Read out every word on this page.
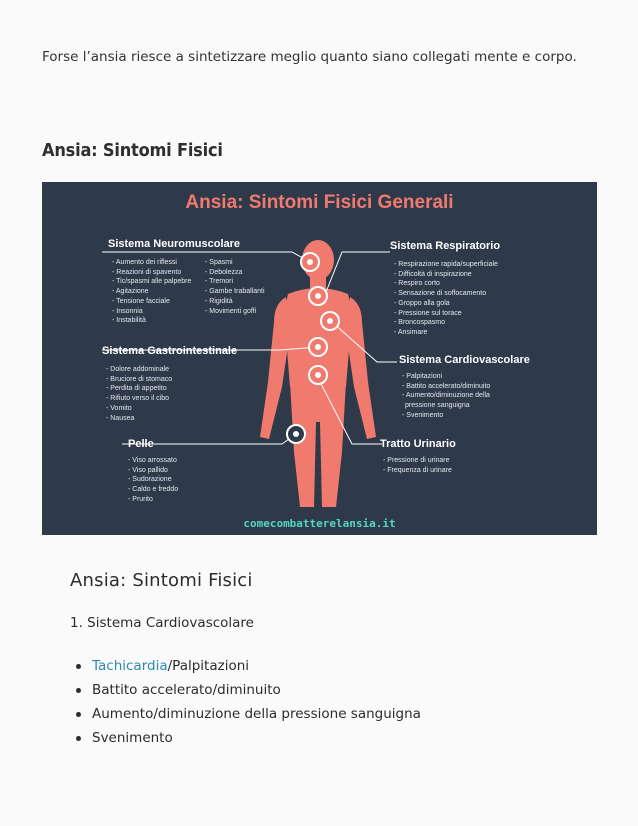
Forse l’ansia riesce a sintetizzare meglio quanto siano collegati mente e corpo.

Ansia: Sintomi Fisici
Ansia: Sintomi Fisici Generali
Sistema Neuromuscolare
- Aumento dei riflessi
- Reazioni di spavento
- Tic/spasmi alle palpebre
- Agitazione
- Tensione facciale
- Insonnia
- Instabilità
- Spasmi
- Debolezza
- Tremori
- Gambe traballanti
- Rigidità
- Movimenti goffi
Sistema Respiratorio
- Respirazione rapida/superficiale
- Difficoltà di inspirazione
- Respiro corto
- Sensazione di soffocamento
- Groppo alla gola
- Pressione sul torace
- Broncospasmo
- Ansimare
Sistema Gastrointestinale
- Dolore addominale
- Bruciore di stomaco
- Perdita di appetito
- Rifiuto verso il cibo
- Vomito
- Nausea
Sistema Cardiovascolare
- Palpitazioni
- Battito accelerato/diminuito
- Aumento/diminuzione della
pressione sanguigna
- Svenimento
Pelle
- Viso arrossato
- Viso pallido
- Sudorazione
- Caldo e freddo
- Prurito
Tratto Urinario
- Pressione di urinare
- Frequenza di urinare
comecombatterelansia.it
Ansia: Sintomi Fisici
1. Sistema Cardiovascolare
Tachicardia/Palpitazioni
Battito accelerato/diminuito
Aumento/diminuzione della pressione sanguigna
Svenimento
